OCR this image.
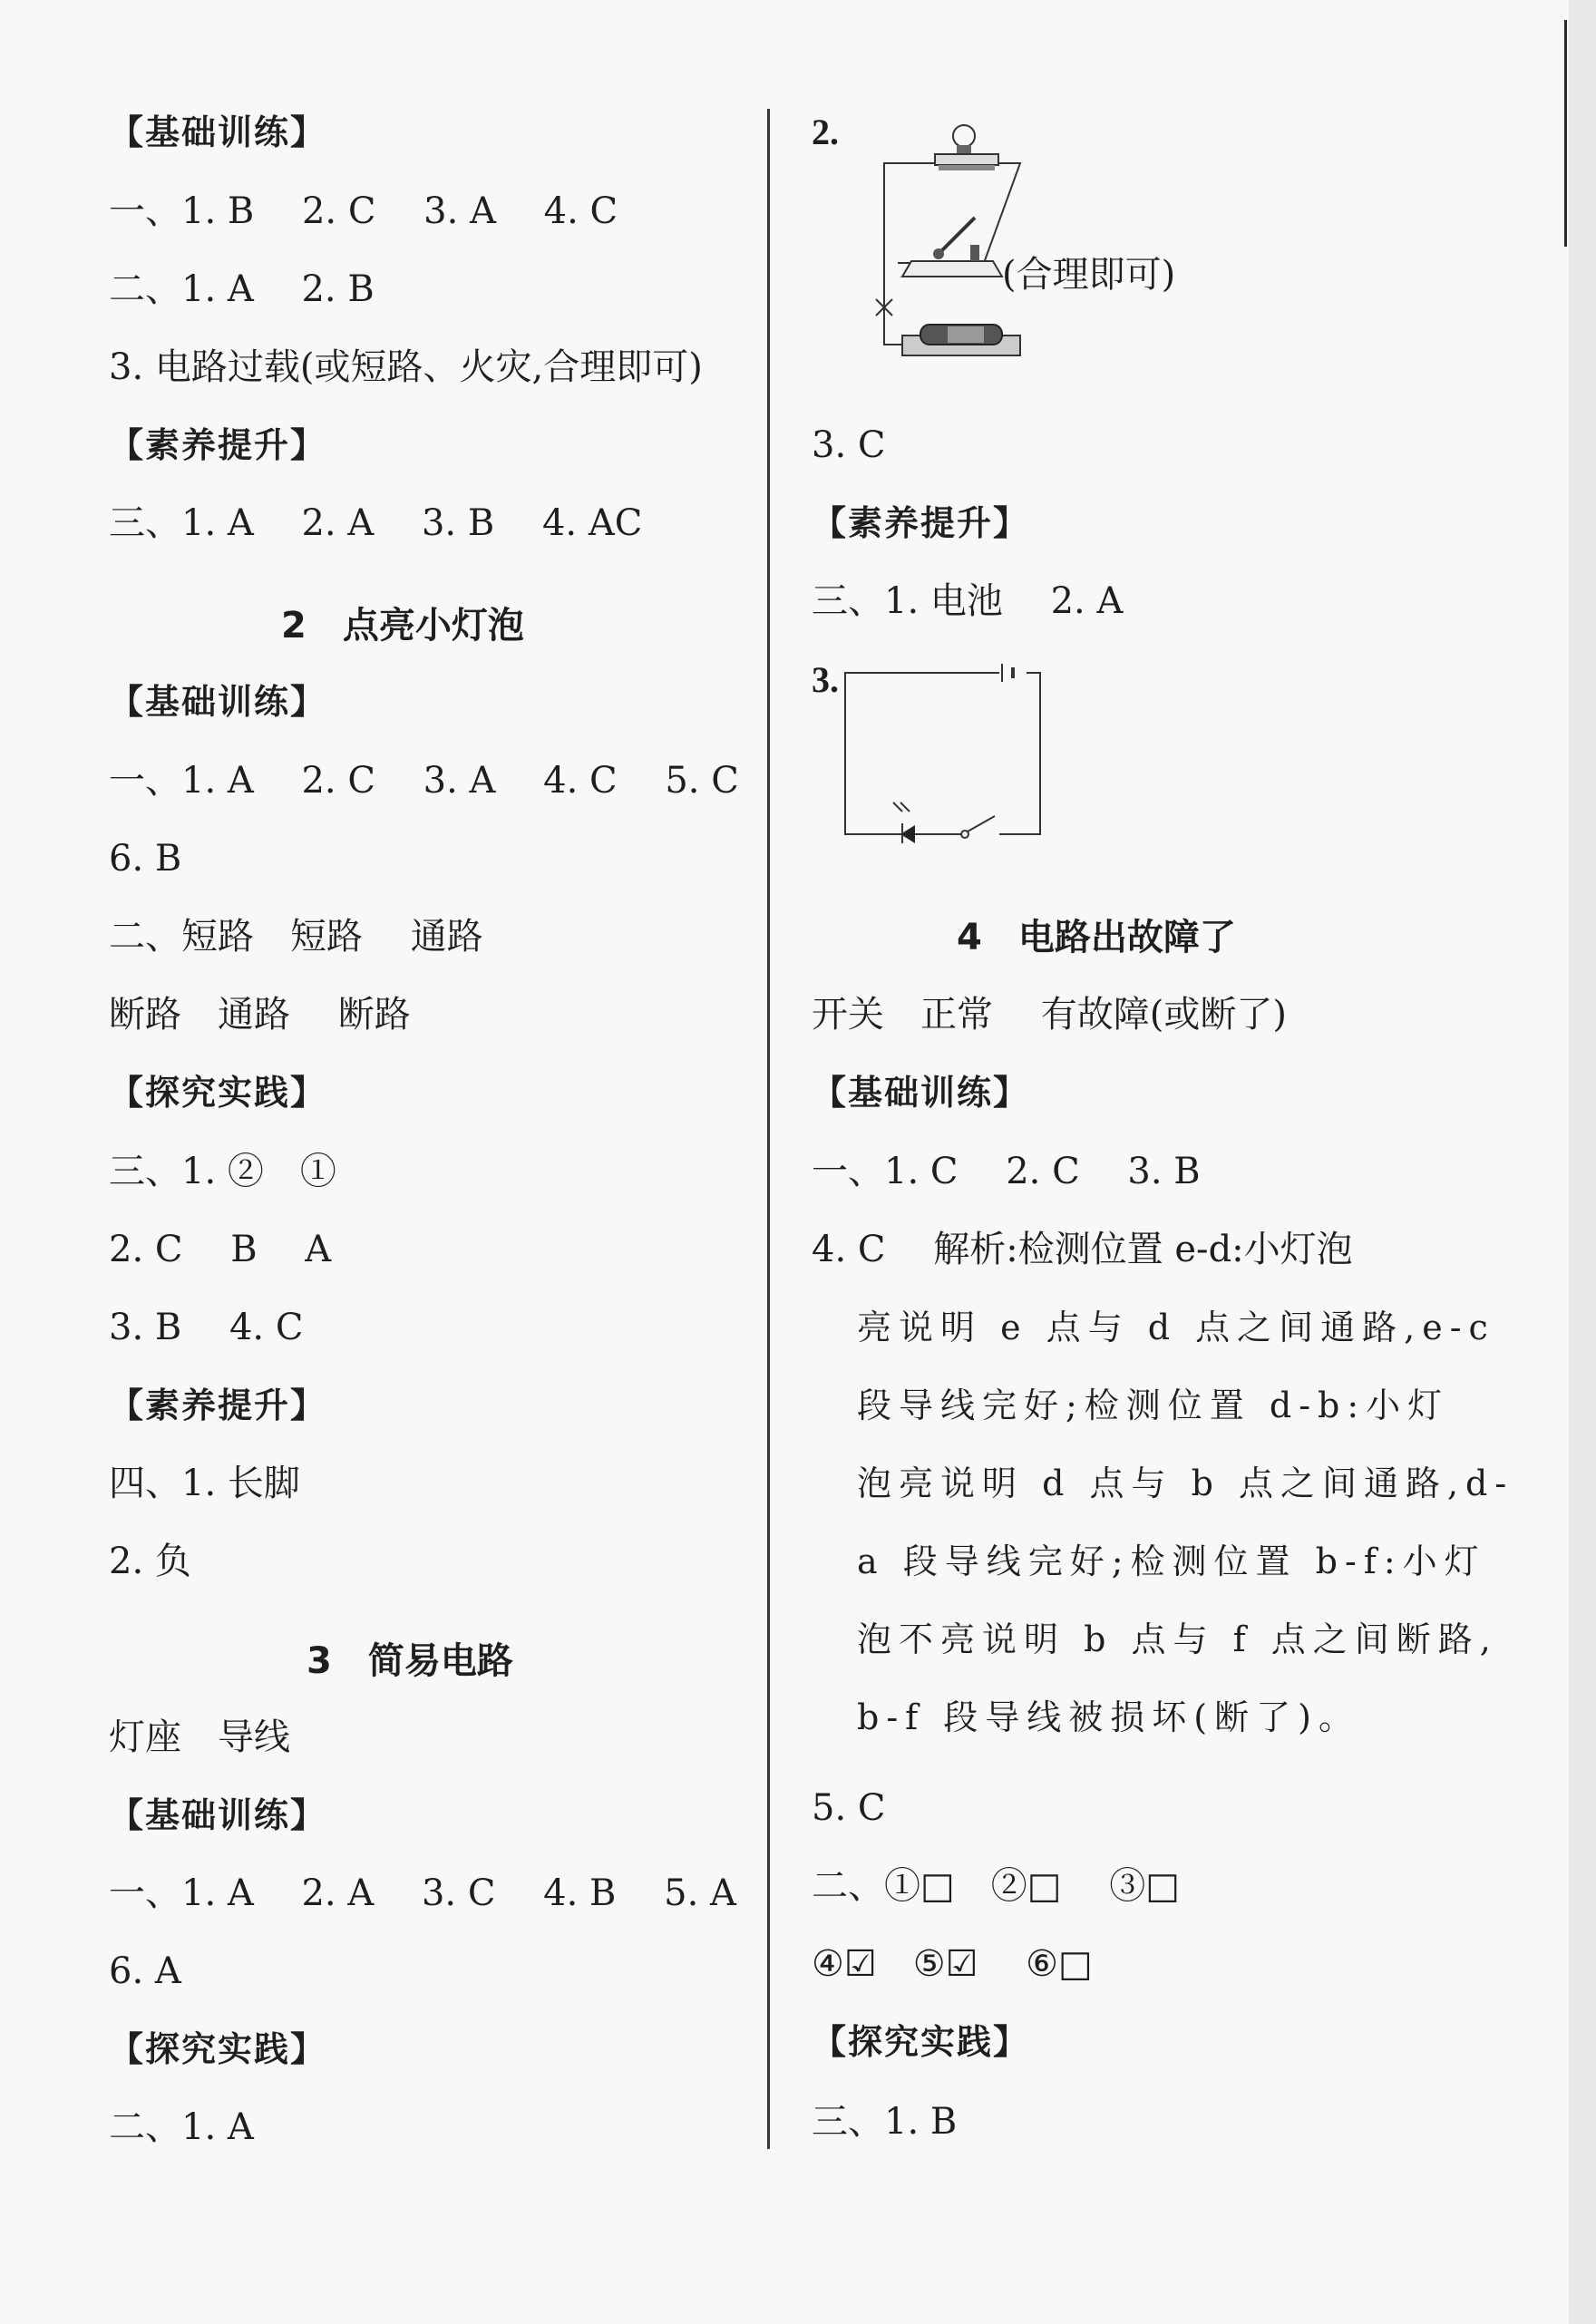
【基础训练】
一、1. B　 2. C　 3. A　 4. C
二、1. A　 2. B
3. 电路过载(或短路、火灾,合理即可)
【素养提升】
三、1. A　 2. A　 3. B　 4. AC
2　点亮小灯泡
【基础训练】
一、1. A　 2. C　 3. A　 4. C　 5. C
6. B
二、短路　短路　 通路
断路　通路　 断路
【探究实践】
三、1. ②　①
2. C　 B　 A
3. B　 4. C
【素养提升】
四、1. 长脚
2. 负
3　简易电路
灯座　导线
【基础训练】
一、1. A　 2. A　 3. C　 4. B　 5. A
6. A
【探究实践】
二、1. A
2.
(合理即可)
3. C
【素养提升】
三、1. 电池　 2. A
3.
4　电路出故障了
开关　正常　 有故障(或断了)
【基础训练】
一、1. C　 2. C　 3. B
4. C　 解析:检测位置 e-d:小灯泡
亮说明 e 点与 d 点之间通路,e-c
段导线完好;检测位置 d-b:小灯
泡亮说明 d 点与 b 点之间通路,d-
a 段导线完好;检测位置 b-f:小灯
泡不亮说明 b 点与 f 点之间断路,
b-f 段导线被损坏(断了)。
5. C
二、①□　②□　 ③□
④☑　⑤☑　 ⑥□
【探究实践】
三、1. B
